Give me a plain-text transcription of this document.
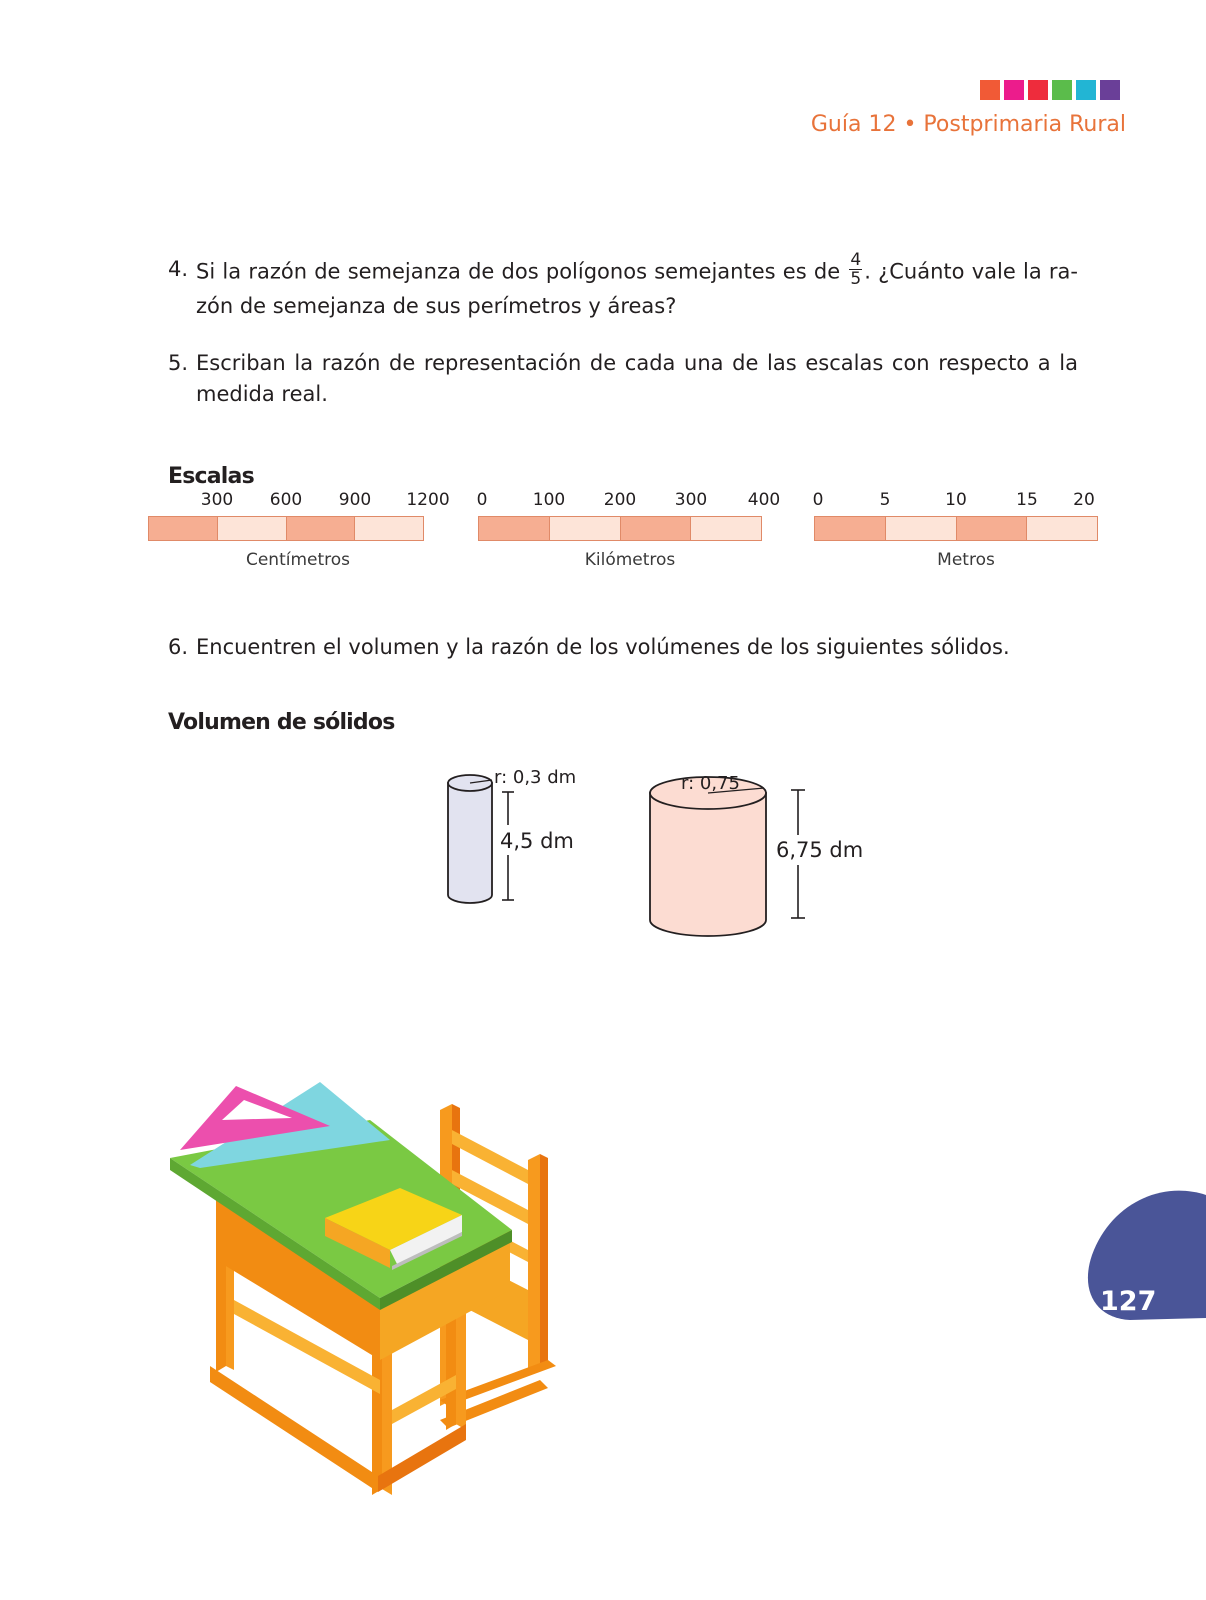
Guía 12 • Postprimaria Rural
4. Si la razón de semejanza de dos polígonos semejantes es de $\frac{4}{5}$ . ¿Cuánto vale la ra-zón de semejanza de sus perímetros y áreas?
5. Escriban la razón de representación de cada una de las escalas con respecto a la medida real.
Escalas
300 600 900 1200
Centímetros
0	100 200 300 400
Kilómetros
0	5	10	15 20
Metros
6. Encuentren el volumen y la razón de los volúmenes de los siguientes sólidos.
Volumen de sólidos
r: 0,3 dm
4,5 dm
r: 0,75
6,75 dm
127
